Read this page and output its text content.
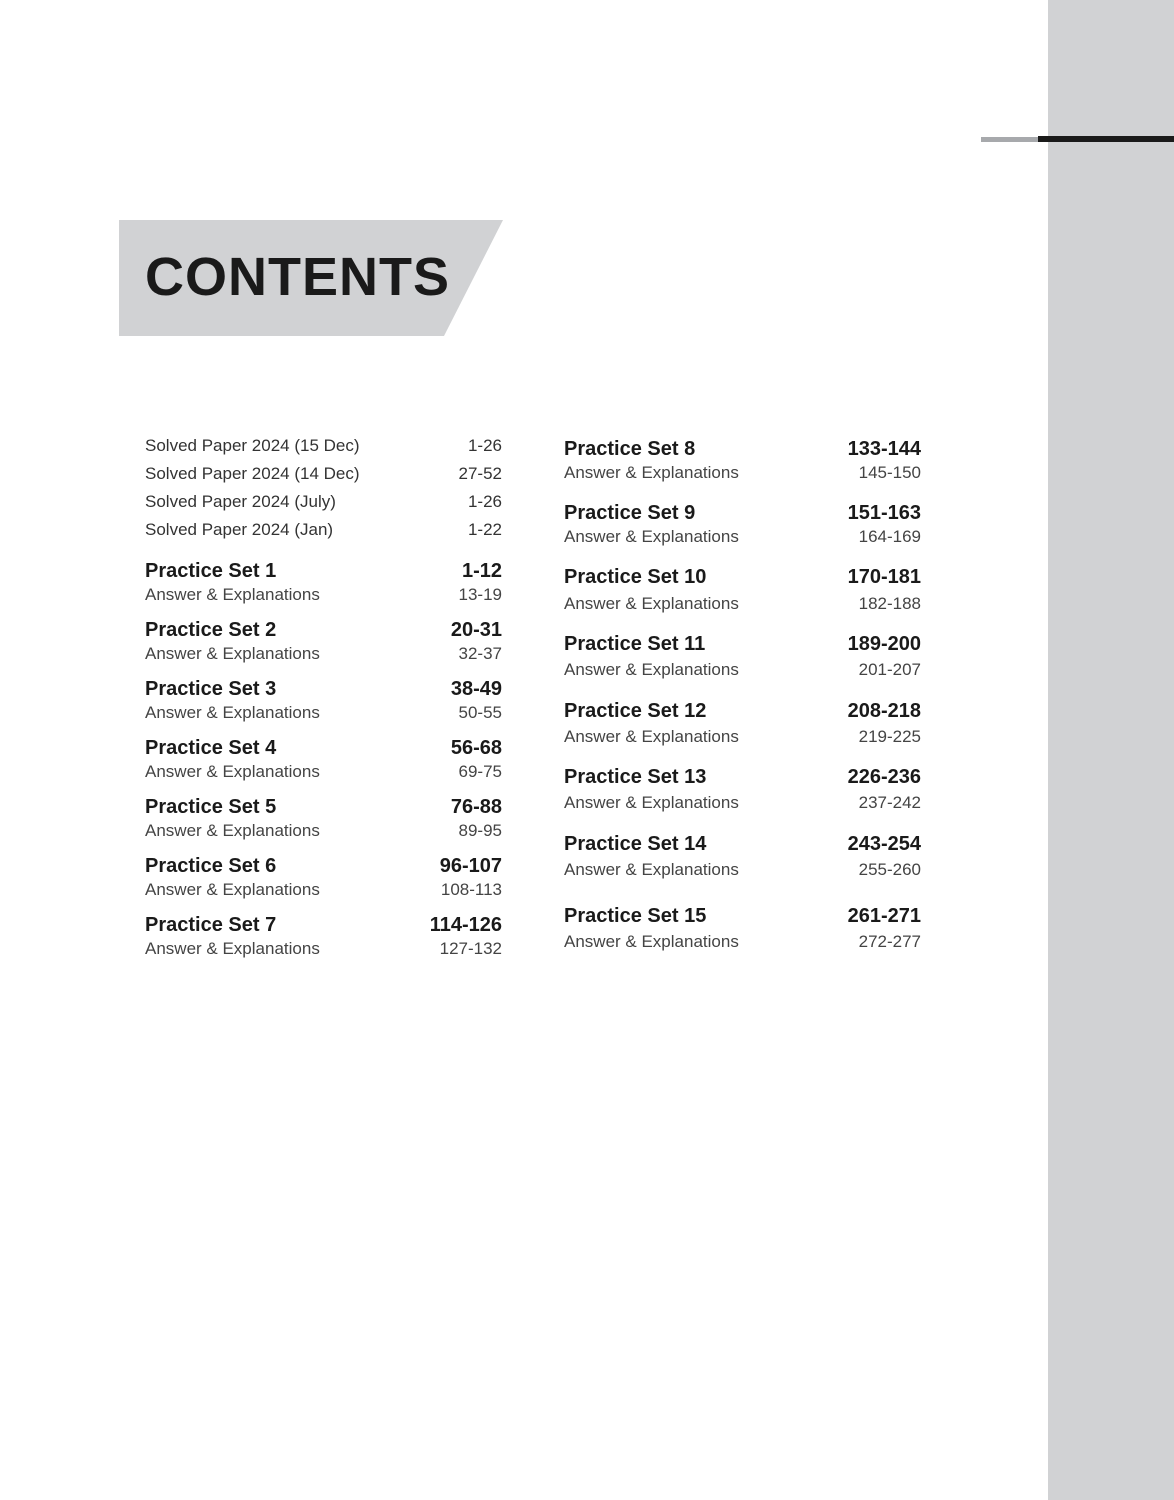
CONTENTS
Solved Paper 2024 (15 Dec)	1-26
Solved Paper 2024 (14 Dec)	27-52
Solved Paper 2024 (July)	1-26
Solved Paper 2024 (Jan)	1-22
Practice Set 1	1-12
Answer & Explanations	13-19
Practice Set 2	20-31
Answer & Explanations	32-37
Practice Set 3	38-49
Answer & Explanations	50-55
Practice Set 4	56-68
Answer & Explanations	69-75
Practice Set 5	76-88
Answer & Explanations	89-95
Practice Set 6	96-107
Answer & Explanations	108-113
Practice Set 7	114-126
Answer & Explanations	127-132
Practice Set 8	133-144
Answer & Explanations	145-150
Practice Set 9	151-163
Answer & Explanations	164-169
Practice Set 10	170-181
Answer & Explanations	182-188
Practice Set 11	189-200
Answer & Explanations	201-207
Practice Set 12	208-218
Answer & Explanations	219-225
Practice Set 13	226-236
Answer & Explanations	237-242
Practice Set 14	243-254
Answer & Explanations	255-260
Practice Set 15	261-271
Answer & Explanations	272-277
